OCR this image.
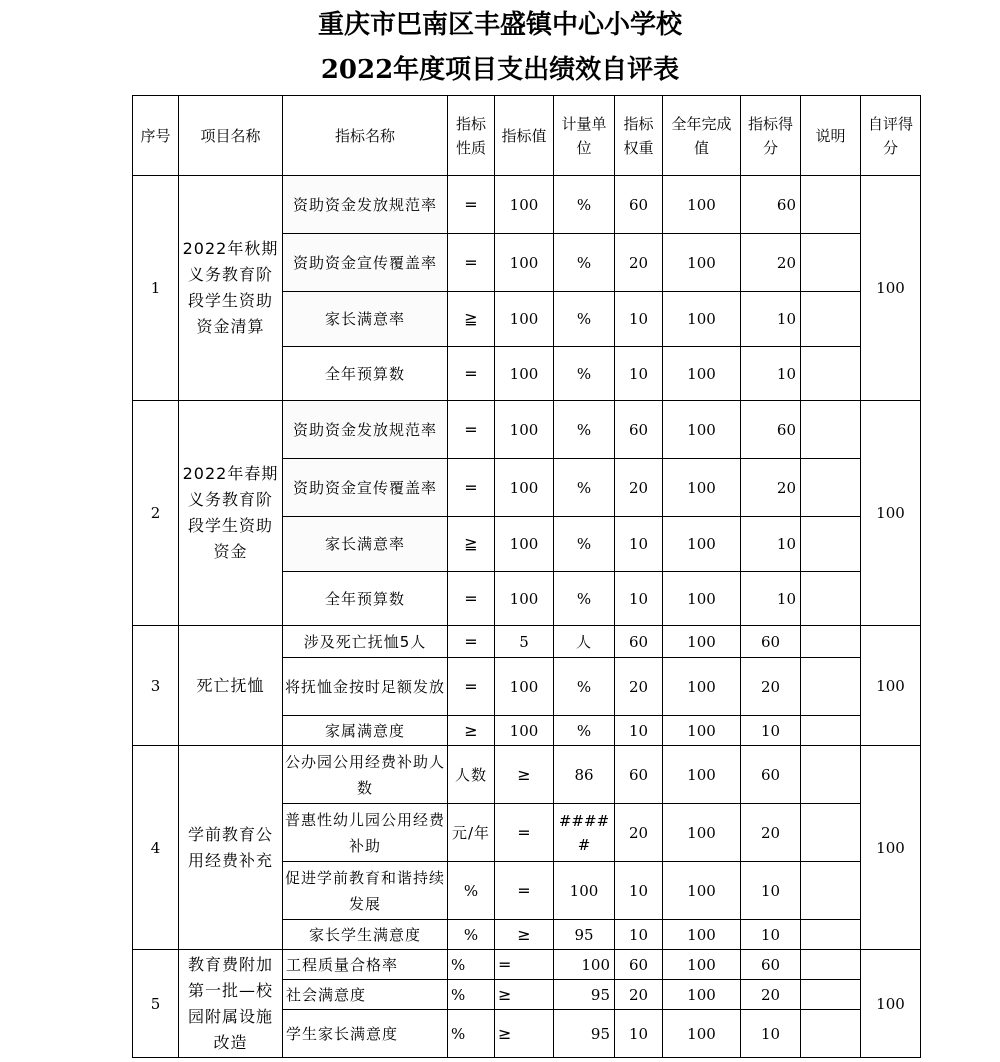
重庆市巴南区丰盛镇中心小学校
2022年度项目支出绩效自评表
序号	项目名称	指标名称	指标性质	指标值	计量单位	指标权重	全年完成值	指标得分	说明	自评得分
1	2022年秋期义务教育阶段学生资助资金清算	资助资金发放规范率	=	100	%	60	100	60		100
		资助资金宣传覆盖率	=	100	%	20	100	20		
		家长满意率	≧	100	%	10	100	10		
		全年预算数	=	100	%	10	100	10		
2	2022年春期义务教育阶段学生资助资金	资助资金发放规范率	=	100	%	60	100	60		100
		资助资金宣传覆盖率	=	100	%	20	100	20		
		家长满意率	≧	100	%	10	100	10		
		全年预算数	=	100	%	10	100	10		
3	死亡抚恤	涉及死亡抚恤5人	=	5	人	60	100	60		100
		将抚恤金按时足额发放	=	100	%	20	100	20		
		家属满意度	≥	100	%	10	100	10		
4	学前教育公用经费补充	公办园公用经费补助人数	人数	≥	86	60	100	60		100
		普惠性幼儿园公用经费补助	元/年	=	#####	20	100	20		
		促进学前教育和谐持续发展	%	=	100	10	100	10		
		家长学生满意度	%	≥	95	10	100	10		
5	教育费附加第一批—校园附属设施改造	工程质量合格率	%	=	100	60	100	60		100
		社会满意度	%	≥	95	20	100	20		
		学生家长满意度	%	≥	95	10	100	10		
